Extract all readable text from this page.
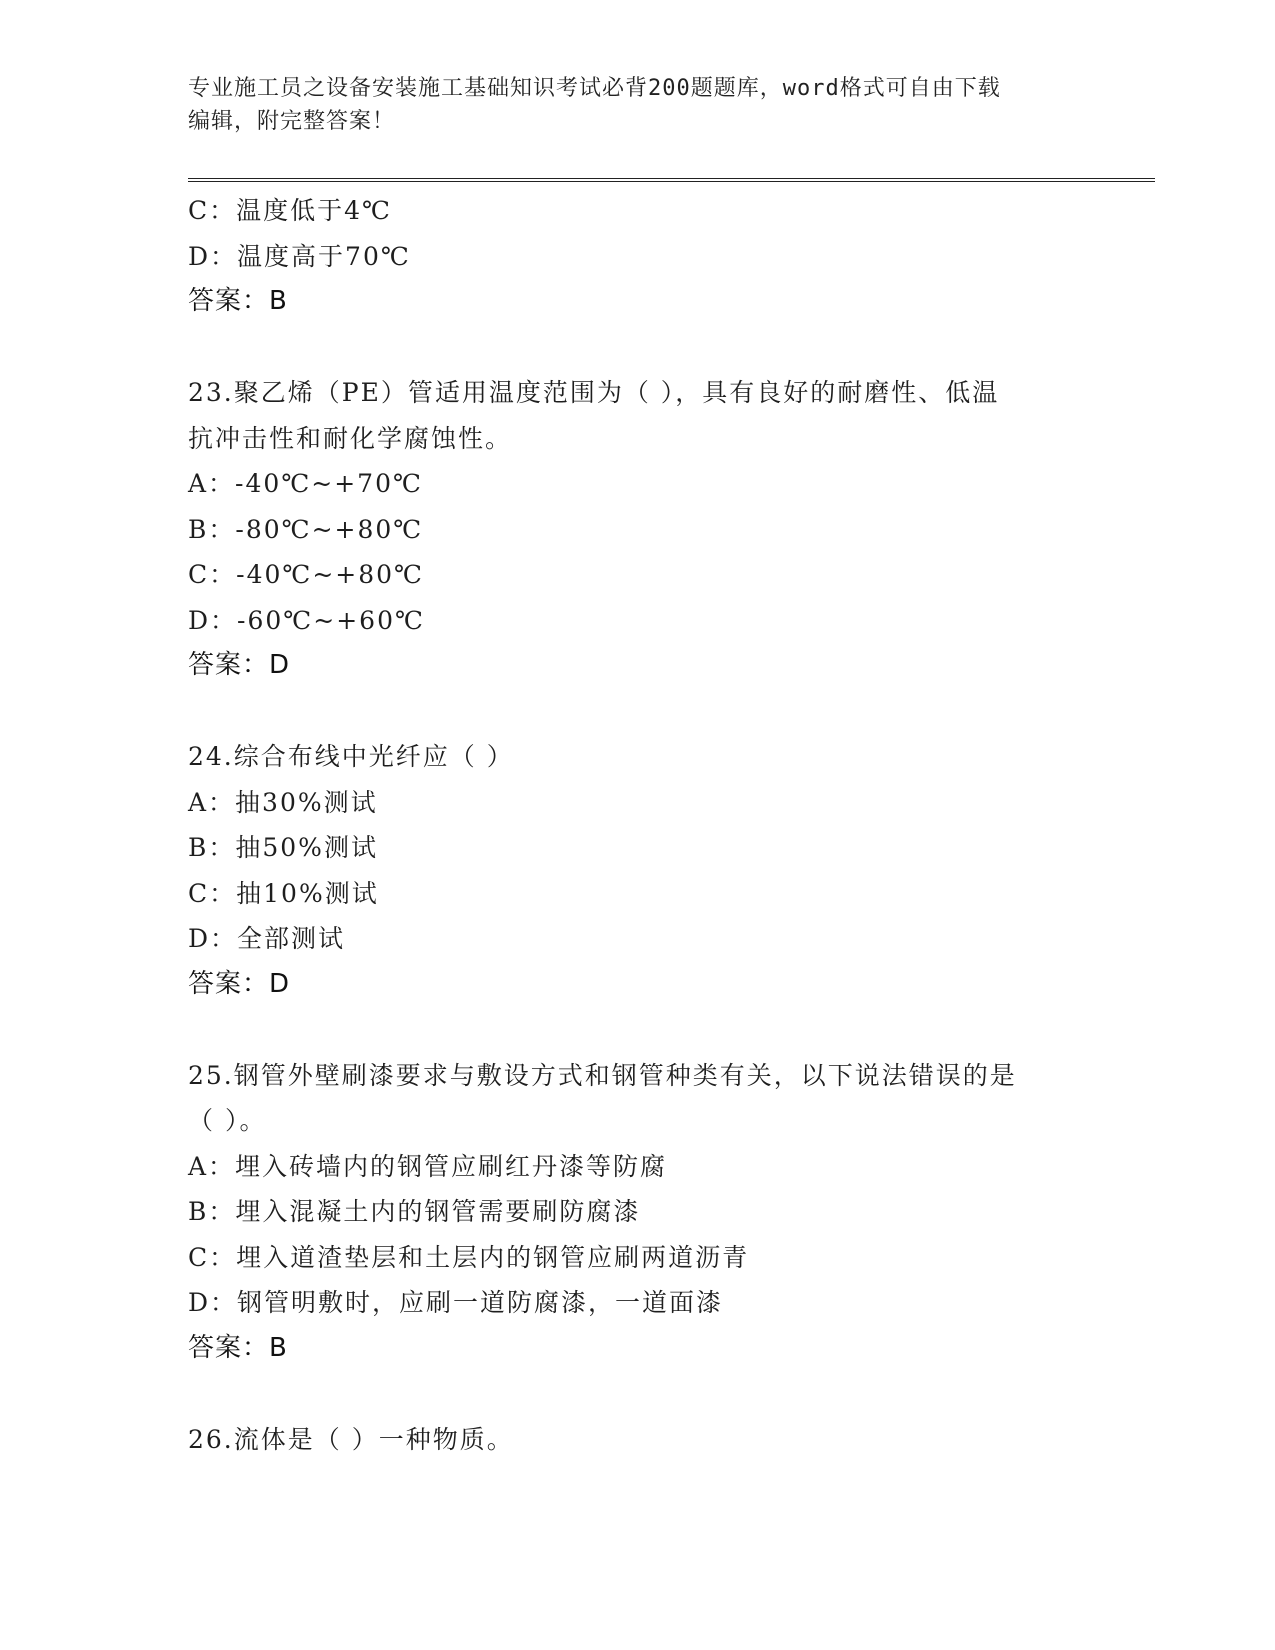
专业施工员之设备安装施工基础知识考试必背200题题库，word格式可自由下载
编辑，附完整答案！
C：温度低于4℃
D：温度高于70℃
答案：B
23.聚乙烯（PE）管适用温度范围为（ ），具有良好的耐磨性、低温
抗冲击性和耐化学腐蚀性。
A：-40℃~+70℃
B：-80℃~+80℃
C：-40℃~+80℃
D：-60℃~+60℃
答案：D
24.综合布线中光纤应（ ）
A：抽30%测试
B：抽50%测试
C：抽10%测试
D：全部测试
答案：D
25.钢管外壁刷漆要求与敷设方式和钢管种类有关，以下说法错误的是
（ ）。
A：埋入砖墙内的钢管应刷红丹漆等防腐
B：埋入混凝土内的钢管需要刷防腐漆
C：埋入道渣垫层和土层内的钢管应刷两道沥青
D：钢管明敷时，应刷一道防腐漆，一道面漆
答案：B
26.流体是（ ）一种物质。
